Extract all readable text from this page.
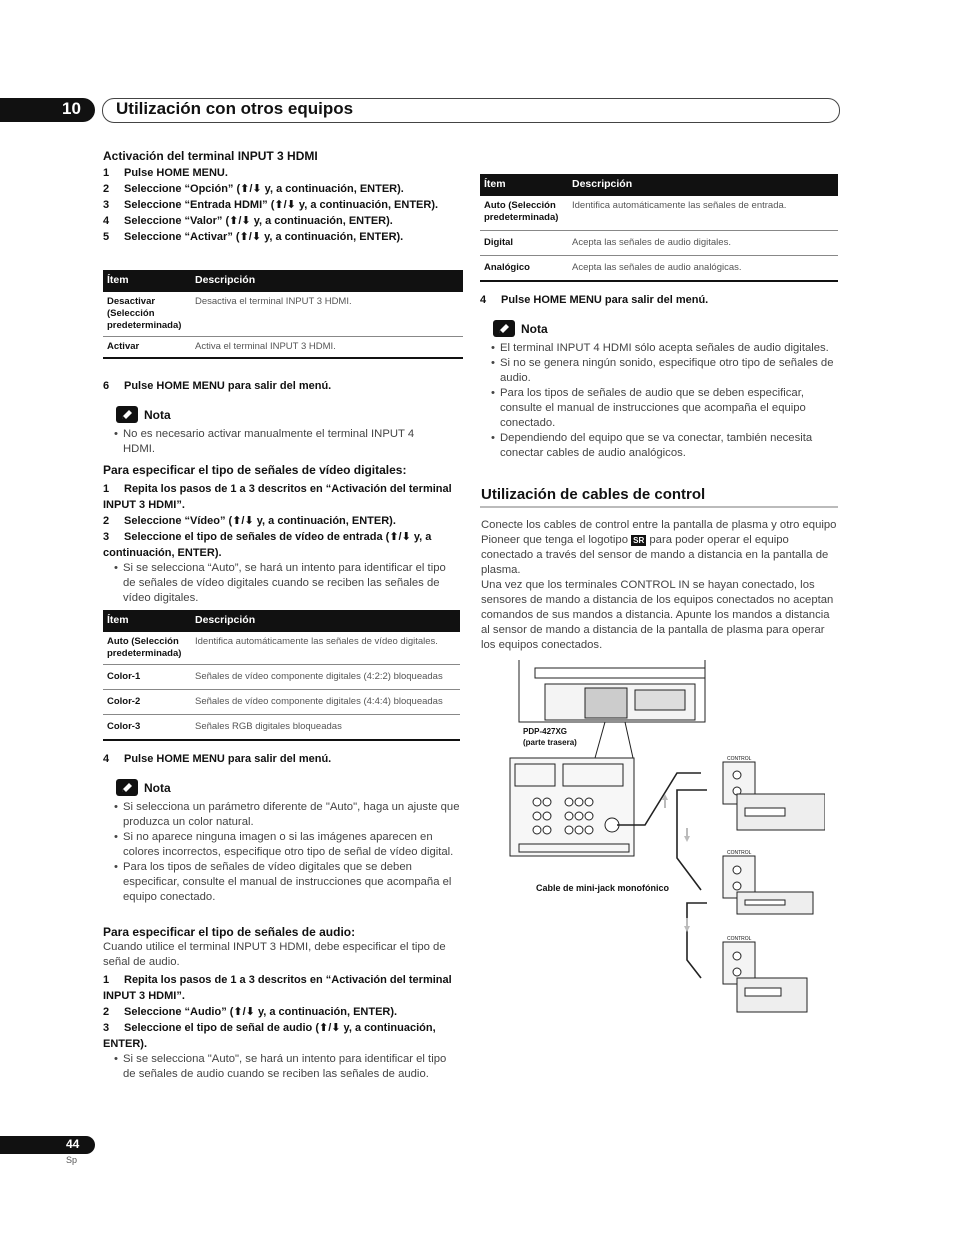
10 Utilización con otros equipos
Activación del terminal INPUT 3 HDMI
1 Pulse HOME MENU.
2 Seleccione “Opción” (⬆/⬇ y, a continuación, ENTER).
3 Seleccione “Entrada HDMI” (⬆/⬇ y, a continuación, ENTER).
4 Seleccione “Valor” (⬆/⬇ y, a continuación, ENTER).
5 Seleccione “Activar” (⬆/⬇ y, a continuación, ENTER).
Ítem	Descripción
Desactivar (Selección predeterminada)	Desactiva el terminal INPUT 3 HDMI.
Activar	Activa el terminal INPUT 3 HDMI.
6 Pulse HOME MENU para salir del menú.
Nota
• No es necesario activar manualmente el terminal INPUT 4 HDMI.
Para especificar el tipo de señales de vídeo digitales:
1 Repita los pasos de 1 a 3 descritos en “Activación del terminal INPUT 3 HDMI”.
2 Seleccione “Vídeo” (⬆/⬇ y, a continuación, ENTER).
3 Seleccione el tipo de señales de vídeo de entrada (⬆/⬇ y, a continuación, ENTER).
• Si se selecciona “Auto”, se hará un intento para identificar el tipo de señales de vídeo digitales cuando se reciben las señales de vídeo digitales.
Ítem	Descripción
Auto (Selección predeterminada)	Identifica automáticamente las señales de vídeo digitales.
Color-1	Señales de vídeo componente digitales (4:2:2) bloqueadas
Color-2	Señales de vídeo componente digitales (4:4:4) bloqueadas
Color-3	Señales RGB digitales bloqueadas
4 Pulse HOME MENU para salir del menú.
Nota
• Si selecciona un parámetro diferente de "Auto", haga un ajuste que produzca un color natural.
• Si no aparece ninguna imagen o si las imágenes aparecen en colores incorrectos, especifique otro tipo de señal de vídeo digital.
• Para los tipos de señales de vídeo digitales que se deben especificar, consulte el manual de instrucciones que acompaña el equipo conectado.
Para especificar el tipo de señales de audio:
Cuando utilice el terminal INPUT 3 HDMI, debe especificar el tipo de señal de audio.
1 Repita los pasos de 1 a 3 descritos en “Activación del terminal INPUT 3 HDMI”.
2 Seleccione “Audio” (⬆/⬇ y, a continuación, ENTER).
3 Seleccione el tipo de señal de audio (⬆/⬇ y, a continuación, ENTER).
• Si se selecciona "Auto", se hará un intento para identificar el tipo de señales de audio cuando se reciben las señales de audio.
Ítem	Descripción
Auto (Selección predeterminada)	Identifica automáticamente las señales de entrada.
Digital	Acepta las señales de audio digitales.
Analógico	Acepta las señales de audio analógicas.
4 Pulse HOME MENU para salir del menú.
Nota
• El terminal INPUT 4 HDMI sólo acepta señales de audio digitales.
• Si no se genera ningún sonido, especifique otro tipo de señales de audio.
• Para los tipos de señales de audio que se deben especificar, consulte el manual de instrucciones que acompaña el equipo conectado.
• Dependiendo del equipo que se va conectar, también necesita conectar cables de audio analógicos.
Utilización de cables de control
Conecte los cables de control entre la pantalla de plasma y otro equipo Pioneer que tenga el logotipo SR para poder operar el equipo conectado a través del sensor de mando a distancia en la pantalla de plasma.
Una vez que los terminales CONTROL IN se hayan conectado, los sensores de mando a distancia de los equipos conectados no aceptan comandos de sus mandos a distancia. Apunte los mandos a distancia al sensor de mando a distancia de la pantalla de plasma para operar los equipos conectados.
PDP-427XG
(parte trasera)
Cable de mini-jack monofónico
CONTROL
CONTROL
CONTROL
44
Sp
